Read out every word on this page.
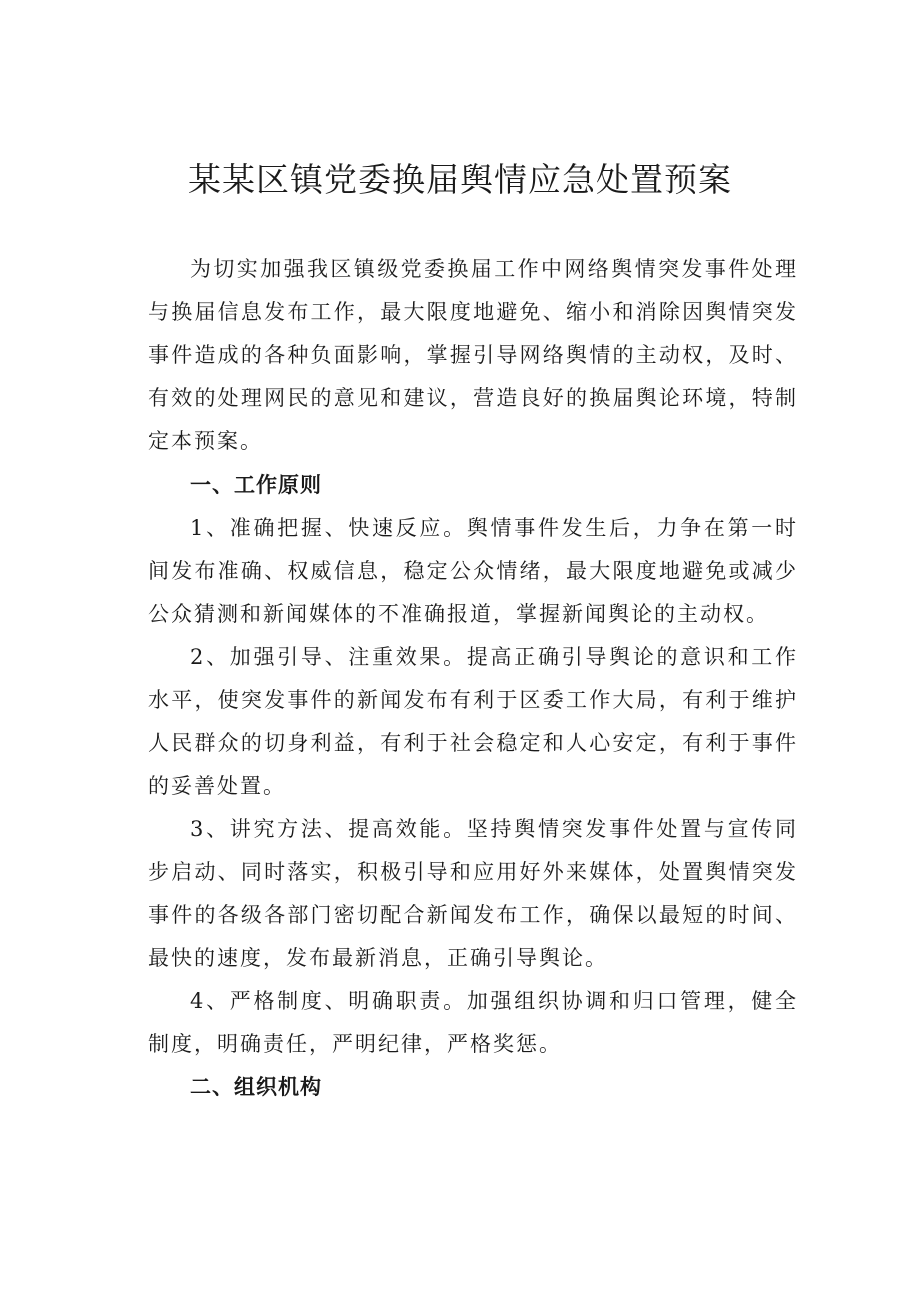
某某区镇党委换届舆情应急处置预案

为切实加强我区镇级党委换届工作中网络舆情突发事件处理与换届信息发布工作，最大限度地避免、缩小和消除因舆情突发事件造成的各种负面影响，掌握引导网络舆情的主动权，及时、有效的处理网民的意见和建议，营造良好的换届舆论环境，特制定本预案。

一、工作原则

1、准确把握、快速反应。舆情事件发生后，力争在第一时间发布准确、权威信息，稳定公众情绪，最大限度地避免或减少公众猜测和新闻媒体的不准确报道，掌握新闻舆论的主动权。

2、加强引导、注重效果。提高正确引导舆论的意识和工作水平，使突发事件的新闻发布有利于区委工作大局，有利于维护人民群众的切身利益，有利于社会稳定和人心安定，有利于事件的妥善处置。

3、讲究方法、提高效能。坚持舆情突发事件处置与宣传同步启动、同时落实，积极引导和应用好外来媒体，处置舆情突发事件的各级各部门密切配合新闻发布工作，确保以最短的时间、最快的速度，发布最新消息，正确引导舆论。

4、严格制度、明确职责。加强组织协调和归口管理，健全制度，明确责任，严明纪律，严格奖惩。

二、组织机构
